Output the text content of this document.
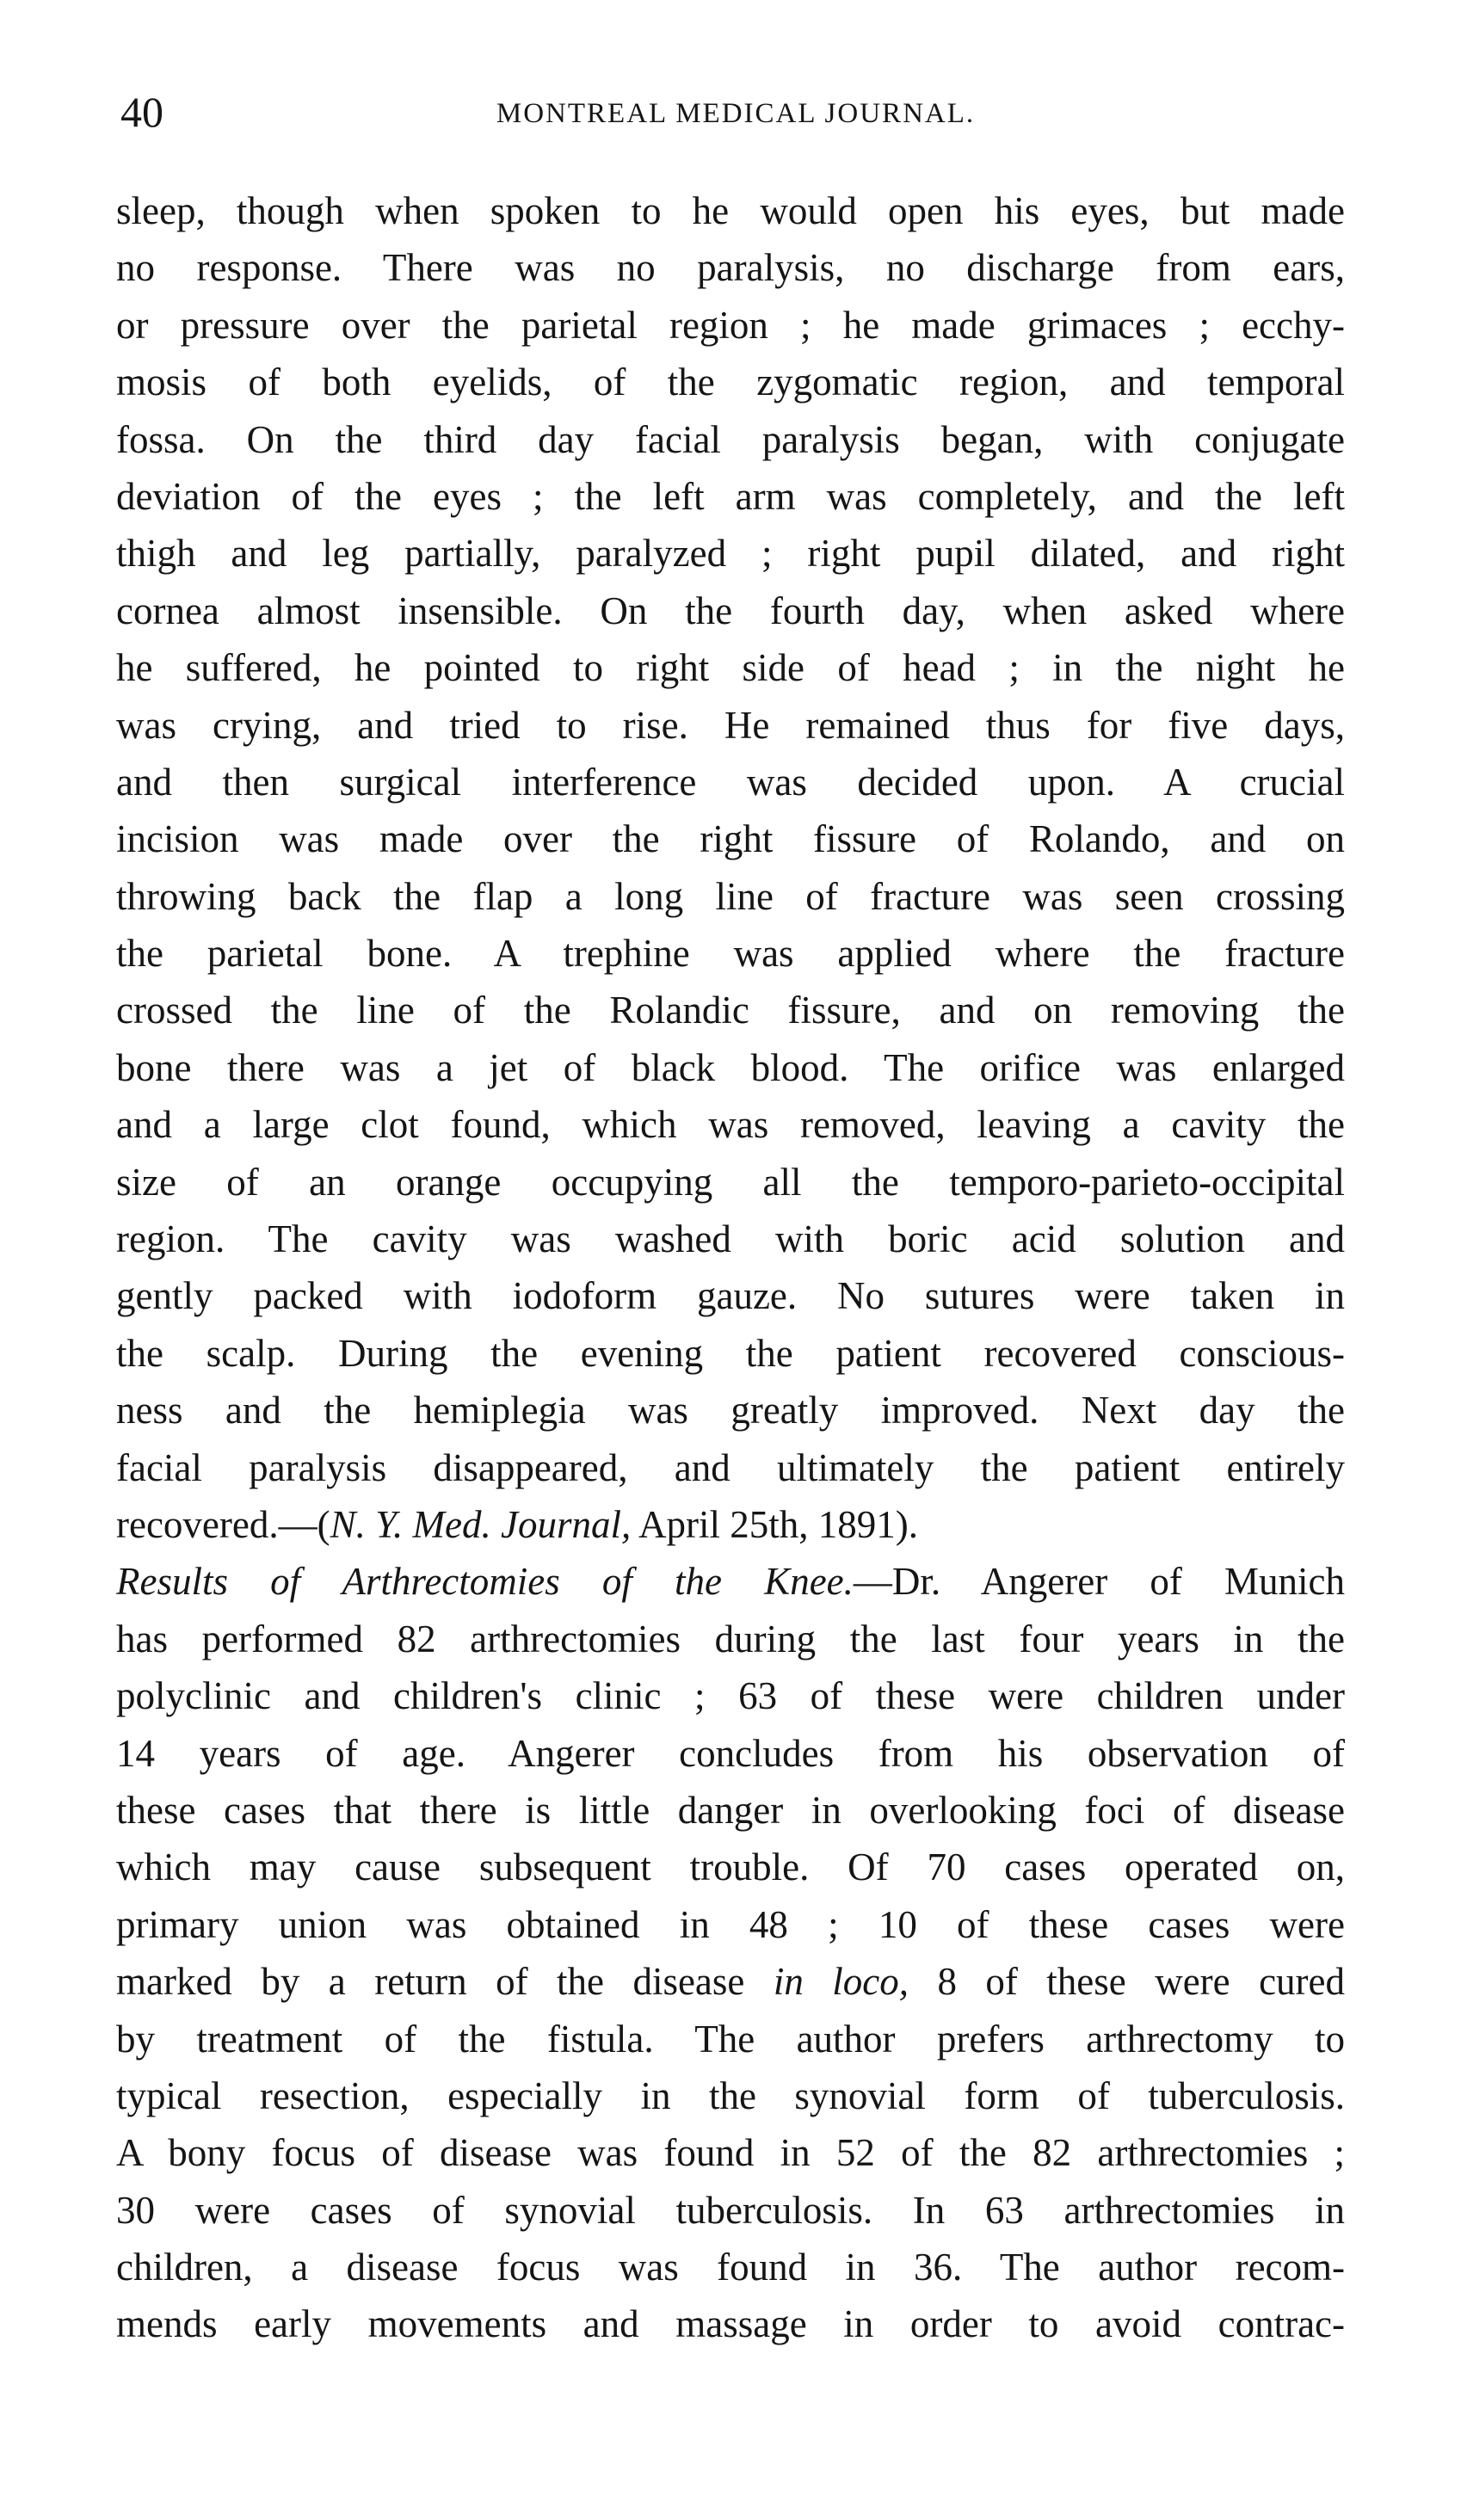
40	MONTREAL MEDICAL JOURNAL.
sleep, though when spoken to he would open his eyes, but made
no response. There was no paralysis, no discharge from ears,
or pressure over the parietal region ; he made grimaces ; ecchy-
mosis of both eyelids, of the zygomatic region, and temporal
fossa. On the third day facial paralysis began, with conjugate
deviation of the eyes ; the left arm was completely, and the left
thigh and leg partially, paralyzed ; right pupil dilated, and right
cornea almost insensible. On the fourth day, when asked where
he suffered, he pointed to right side of head ; in the night he
was crying, and tried to rise. He remained thus for five days,
and then surgical interference was decided upon. A crucial
incision was made over the right fissure of Rolando, and on
throwing back the flap a long line of fracture was seen crossing
the parietal bone. A trephine was applied where the fracture
crossed the line of the Rolandic fissure, and on removing the
bone there was a jet of black blood. The orifice was enlarged
and a large clot found, which was removed, leaving a cavity the
size of an orange occupying all the temporo-parieto-occipital
region. The cavity was washed with boric acid solution and
gently packed with iodoform gauze. No sutures were taken in
the scalp. During the evening the patient recovered conscious-
ness and the hemiplegia was greatly improved. Next day the
facial paralysis disappeared, and ultimately the patient entirely
recovered.—(N. Y. Med. Journal, April 25th, 1891).
Results of Arthrectomies of the Knee.—Dr. Angerer of Munich
has performed 82 arthrectomies during the last four years in the
polyclinic and children's clinic ; 63 of these were children under
14 years of age. Angerer concludes from his observation of
these cases that there is little danger in overlooking foci of disease
which may cause subsequent trouble. Of 70 cases operated on,
primary union was obtained in 48 ; 10 of these cases were
marked by a return of the disease in loco, 8 of these were cured
by treatment of the fistula. The author prefers arthrectomy to
typical resection, especially in the synovial form of tuberculosis.
A bony focus of disease was found in 52 of the 82 arthrectomies ;
30 were cases of synovial tuberculosis. In 63 arthrectomies in
children, a disease focus was found in 36. The author recom-
mends early movements and massage in order to avoid contrac-
